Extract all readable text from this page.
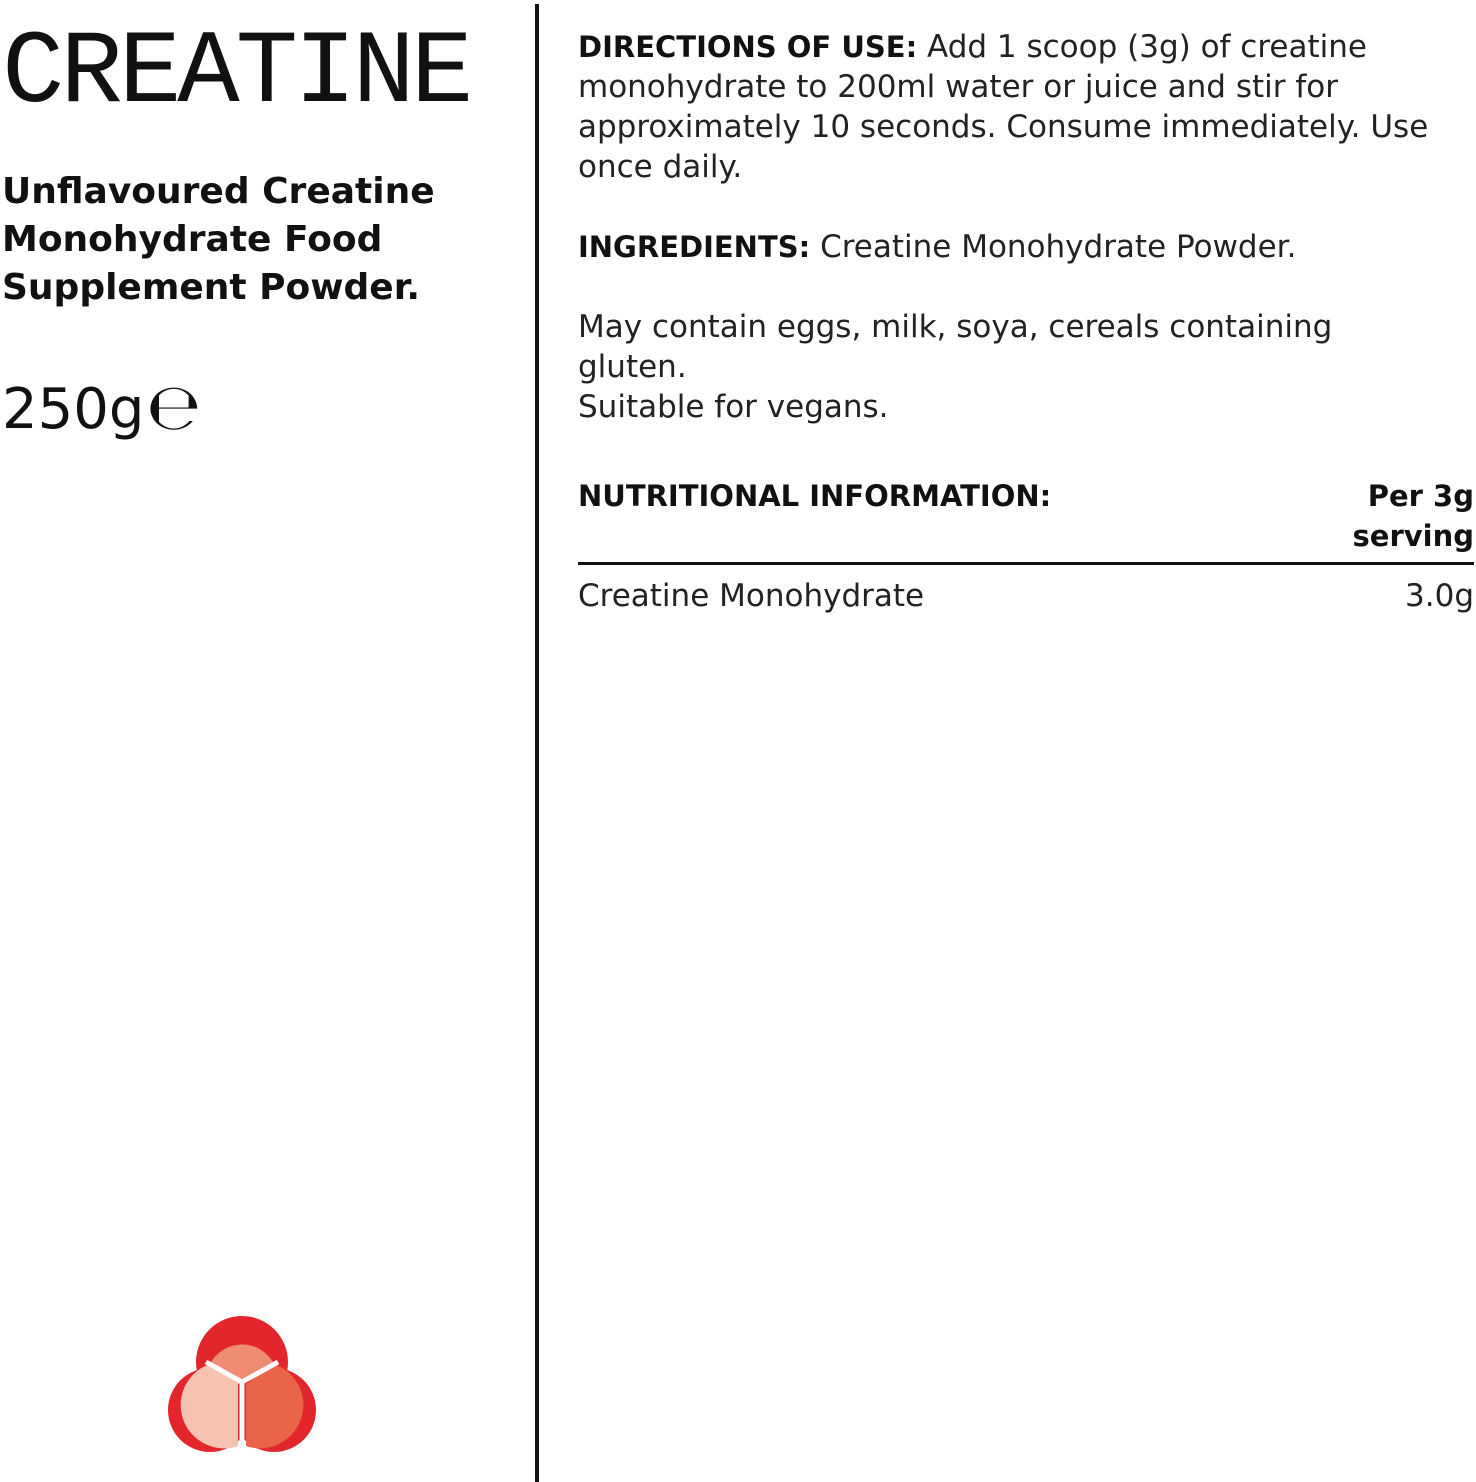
CREATINE

Unflavoured Creatine Monohydrate Food Supplement Powder.

250g ℮

DIRECTIONS OF USE: Add 1 scoop (3g) of creatine monohydrate to 200ml water or juice and stir for approximately 10 seconds. Consume immediately. Use once daily.

INGREDIENTS: Creatine Monohydrate Powder.

May contain eggs, milk, soya, cereals containing gluten.

Suitable for vegans.

NUTRITIONAL INFORMATION:	Per 3g serving
Creatine Monohydrate	3.0g
